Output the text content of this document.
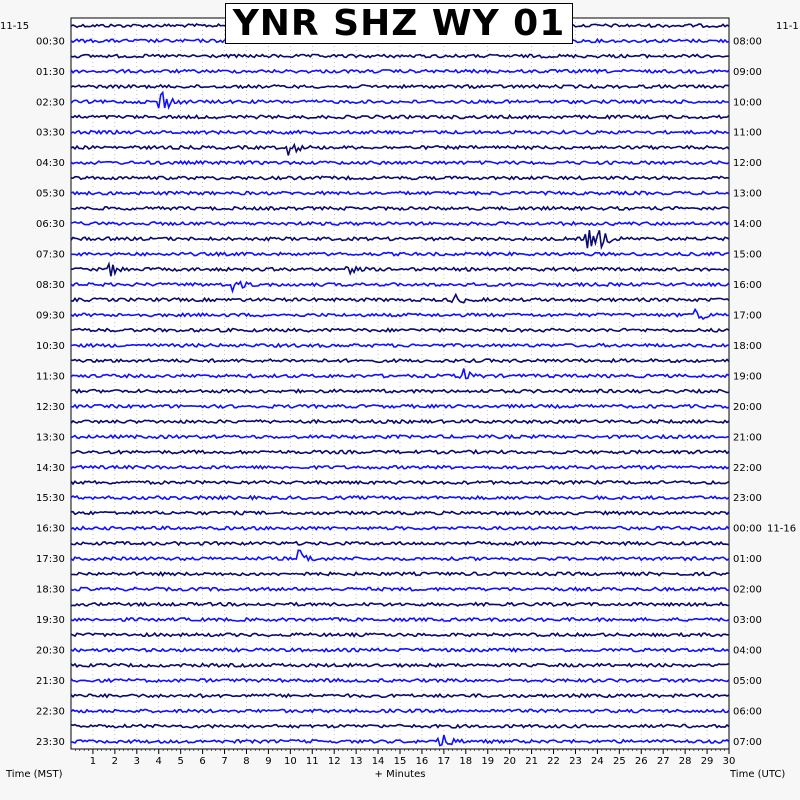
1 2 3 4 5 6 7 8 9 10 11 12 13 14 15 16 17 18 19 20 21 22 23 24 25 26 27 28 29 30
00:30
01:30
02:30
03:30
04:30
05:30
06:30
07:30
08:30
09:30
10:30
11:30
12:30
13:30
14:30
15:30
16:30
17:30
18:30
19:30
20:30
21:30
22:30
23:30
08:00
09:00
10:00
11:00
12:00
13:00
14:00
15:00
16:00
17:00
18:00
19:00
20:00
21:00
22:00
23:00
00:00 11-16
01:00
02:00
03:00
04:00
05:00
06:00
07:00
Time (MST)	+ Minutes	Time (UTC)
11-15	11-1
YNR SHZ WY 01
